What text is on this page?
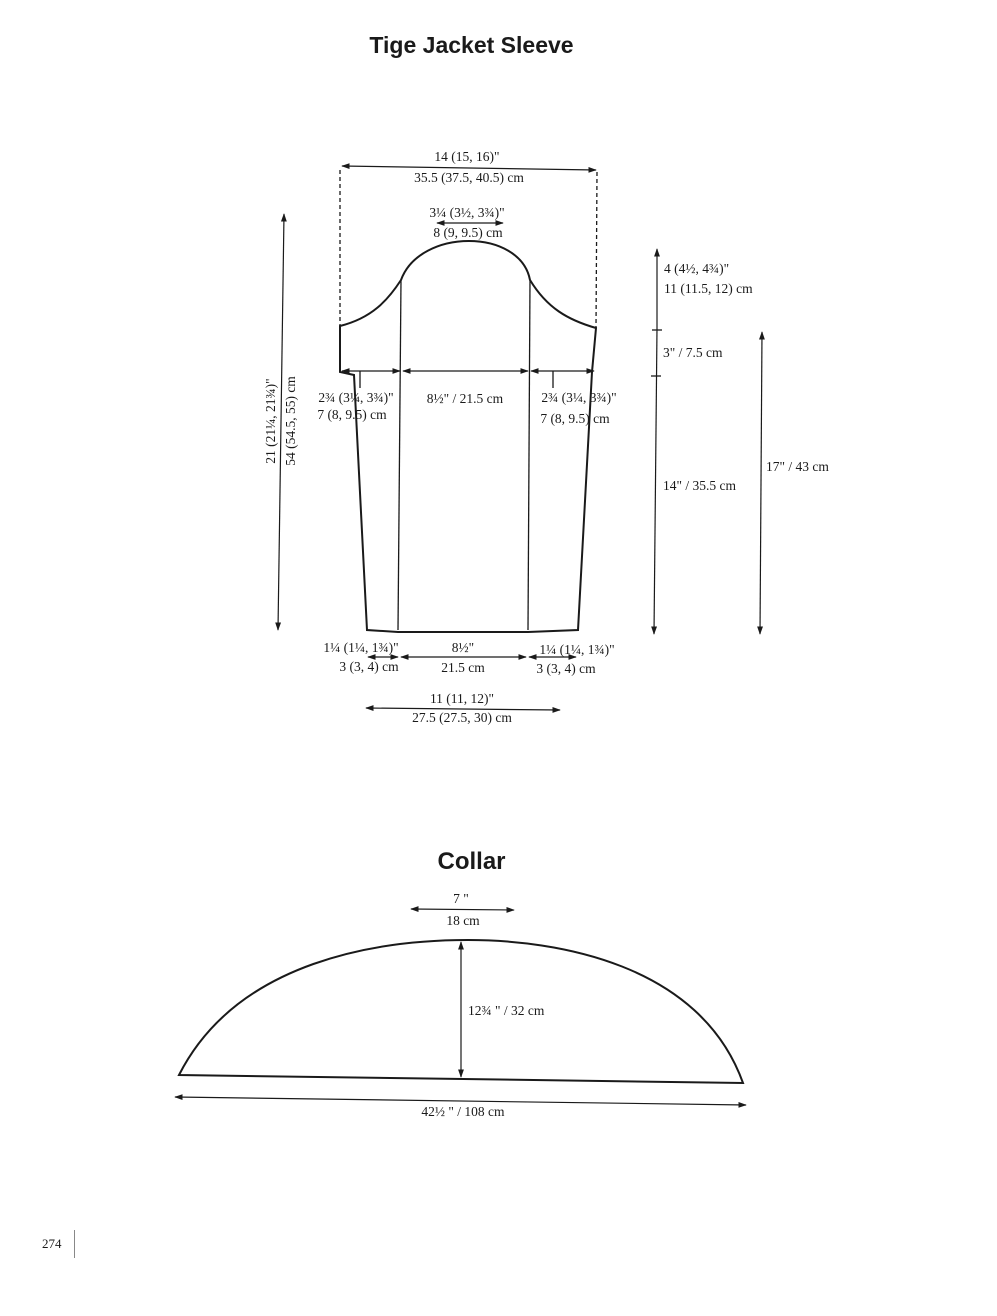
Tige Jacket Sleeve
Collar
14 (15, 16)"
35.5 (37.5, 40.5) cm
3¼ (3½, 3¾)"
8 (9, 9.5) cm
2¾ (3¼, 3¾)"
7 (8, 9.5) cm
8½" / 21.5 cm	2¾ (3¼, 3¾)"
7 (8, 9.5) cm
1¼ (1¼, 1¾)"
3 (3, 4) cm
8½"
21.5 cm
1¼ (1¼, 1¾)"
3 (3, 4) cm
11 (11, 12)"
27.5 (27.5, 30) cm
21 (21¼, 21¾)" 54 (54.5, 55) cm
4 (4½, 4¾)"
11 (11.5, 12) cm
3" / 7.5 cm
14" / 35.5 cm
17" / 43 cm
7 "
18 cm
12¾ " / 32 cm
42½ " / 108 cm
274
